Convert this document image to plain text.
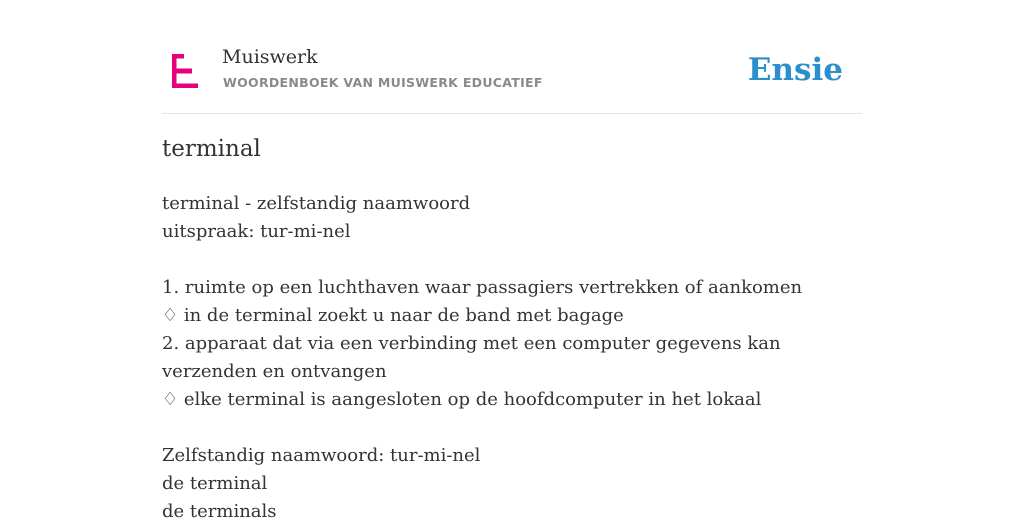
Muiswerk
WOORDENBOEK VAN MUISWERK EDUCATIEF	Ensie
terminal
terminal - zelfstandig naamwoord
uitspraak: tur-mi-nel
1. ruimte op een luchthaven waar passagiers vertrekken of aankomen
♢ in de terminal zoekt u naar de band met bagage
2. apparaat dat via een verbinding met een computer gegevens kan verzenden en ontvangen
♢ elke terminal is aangesloten op de hoofdcomputer in het lokaal
Zelfstandig naamwoord: tur-mi-nel
de terminal
de terminals
